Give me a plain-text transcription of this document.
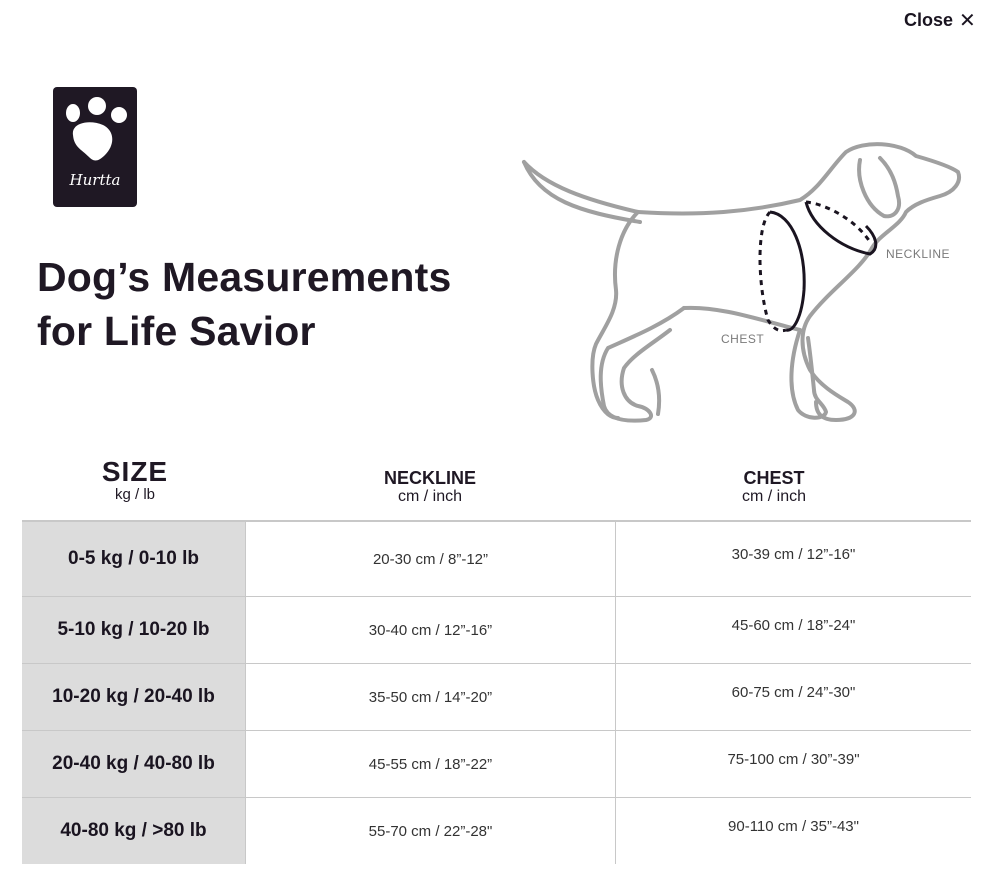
Close ✕
Hurtta
Dog’s Measurements
for Life Savior
NECKLINE
CHEST
SIZE
kg / lb
NECKLINE
cm / inch
CHEST
cm / inch
0-5 kg / 0-10 lb	20-30 cm / 8”-12”	30-39 cm / 12”-16"
5-10 kg / 10-20 lb	30-40 cm / 12”-16”	45-60 cm / 18”-24"
10-20 kg / 20-40 lb	35-50 cm / 14”-20”	60-75 cm / 24”-30"
20-40 kg / 40-80 lb	45-55 cm / 18”-22”	75-100 cm / 30”-39"
40-80 kg / >80 lb	55-70 cm / 22”-28"	90-110 cm / 35”-43"
